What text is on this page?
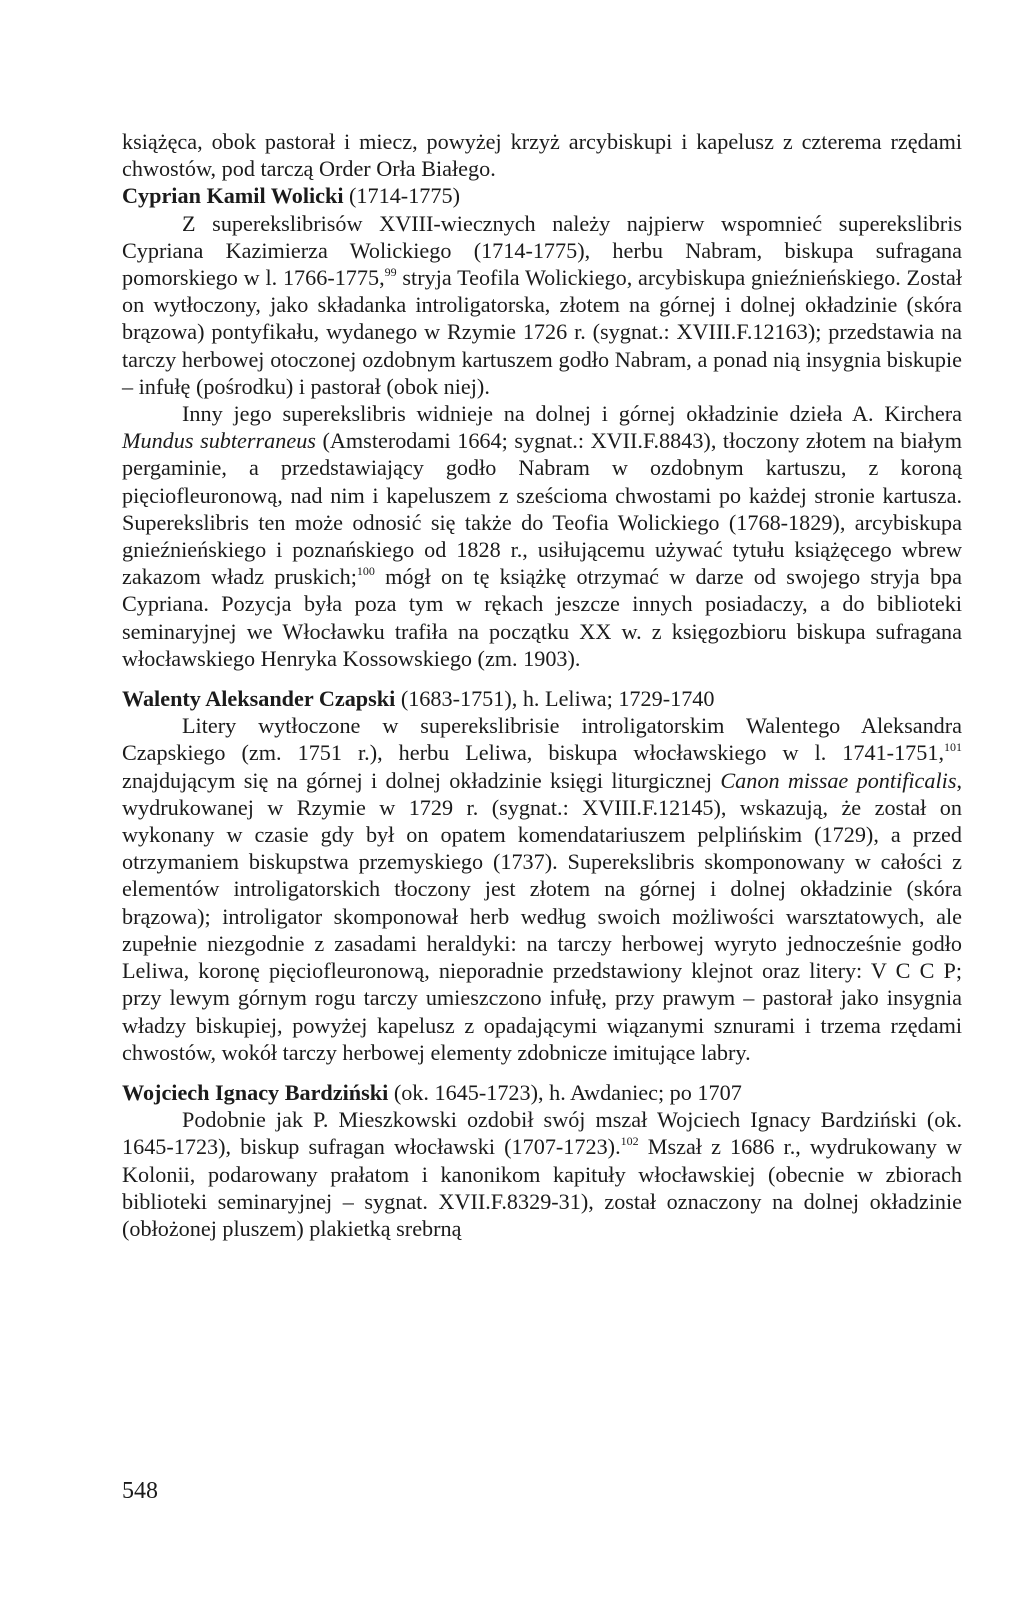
książęca, obok pastorał i miecz, powyżej krzyż arcybiskupi i kapelusz z czterema rzędami chwostów, pod tarczą Order Orła Białego.

Cyprian Kamil Wolicki (1714-1775)

Z superekslibrisów XVIII-wiecznych należy najpierw wspomnieć superekslibris Cypriana Kazimierza Wolickiego (1714-1775), herbu Nabram, biskupa sufragana pomorskiego w l. 1766-1775,99 stryja Teofila Wolickiego, arcybiskupa gnieźnieńskiego. Został on wytłoczony, jako składanka introligatorska, złotem na górnej i dolnej okładzinie (skóra brązowa) pontyfikału, wydanego w Rzymie 1726 r. (sygnat.: XVIII.F.12163); przedstawia na tarczy herbowej otoczonej ozdobnym kartuszem godło Nabram, a ponad nią insygnia biskupie – infułę (pośrodku) i pastorał (obok niej).

Inny jego superekslibris widnieje na dolnej i górnej okładzinie dzieła A. Kirchera Mundus subterraneus (Amsterodami 1664; sygnat.: XVII.F.8843), tłoczony złotem na białym pergaminie, a przedstawiający godło Nabram w ozdobnym kartuszu, z koroną pięciofleuronową, nad nim i kapeluszem z sześcioma chwostami po każdej stronie kartusza. Superekslibris ten może odnosić się także do Teofia Wolickiego (1768-1829), arcybiskupa gnieźnieńskiego i poznańskiego od 1828 r., usiłującemu używać tytułu książęcego wbrew zakazom władz pruskich;$^{100}$ mógł on tę książkę otrzymać w darze od swojego stryja bpa Cypriana. Pozycja była poza tym w rękach jeszcze innych posiadaczy, a do biblioteki seminaryjnej we Włocławku trafiła na początku XX w. z księgozbioru biskupa sufragana włocławskiego Henryka Kossowskiego (zm. 1903).

Walenty Aleksander Czapski (1683-1751), h. Leliwa; 1729-1740

Litery wytłoczone w superekslibrisie introligatorskim Walentego Aleksandra Czapskiego (zm. 1751 r.), herbu Leliwa, biskupa włocławskiego w l. 1741-1751,$^{101}$ znajdującym się na górnej i dolnej okładzinie księgi liturgicznej Canon missae pontificalis, wydrukowanej w Rzymie w 1729 r. (sygnat.: XVIII.F.12145), wskazują, że został on wykonany w czasie gdy był on opatem komendatariuszem pelplińskim (1729), a przed otrzymaniem biskupstwa przemyskiego (1737). Superekslibris skomponowany w całości z elementów introligatorskich tłoczony jest złotem na górnej i dolnej okładzinie (skóra brązowa); introligator skomponował herb według swoich możliwości warsztatowych, ale zupełnie niezgodnie z zasadami heraldyki: na tarczy herbowej wyryto jednocześnie godło Leliwa, koronę pięciofleuronową, nieporadnie przedstawiony klejnot oraz litery: V C C P; przy lewym górnym rogu tarczy umieszczono infułę, przy prawym – pastorał jako insygnia władzy biskupiej, powyżej kapelusz z opadającymi wiązanymi sznurami i trzema rzędami chwostów, wokół tarczy herbowej elementy zdobnicze imitujące labry.

Wojciech Ignacy Bardziński (ok. 1645-1723), h. Awdaniec; po 1707

Podobnie jak P. Mieszkowski ozdobił swój mszał Wojciech Ignacy Bardziński (ok. 1645-1723), biskup sufragan włocławski (1707-1723).$^{102}$ Mszał z 1686 r., wydrukowany w Kolonii, podarowany prałatom i kanonikom kapituły włocławskiej (obecnie w zbiorach biblioteki seminaryjnej – sygnat. XVII.F.8329-31), został oznaczony na dolnej okładzinie (obłożonej pluszem) plakietką srebrną

548
